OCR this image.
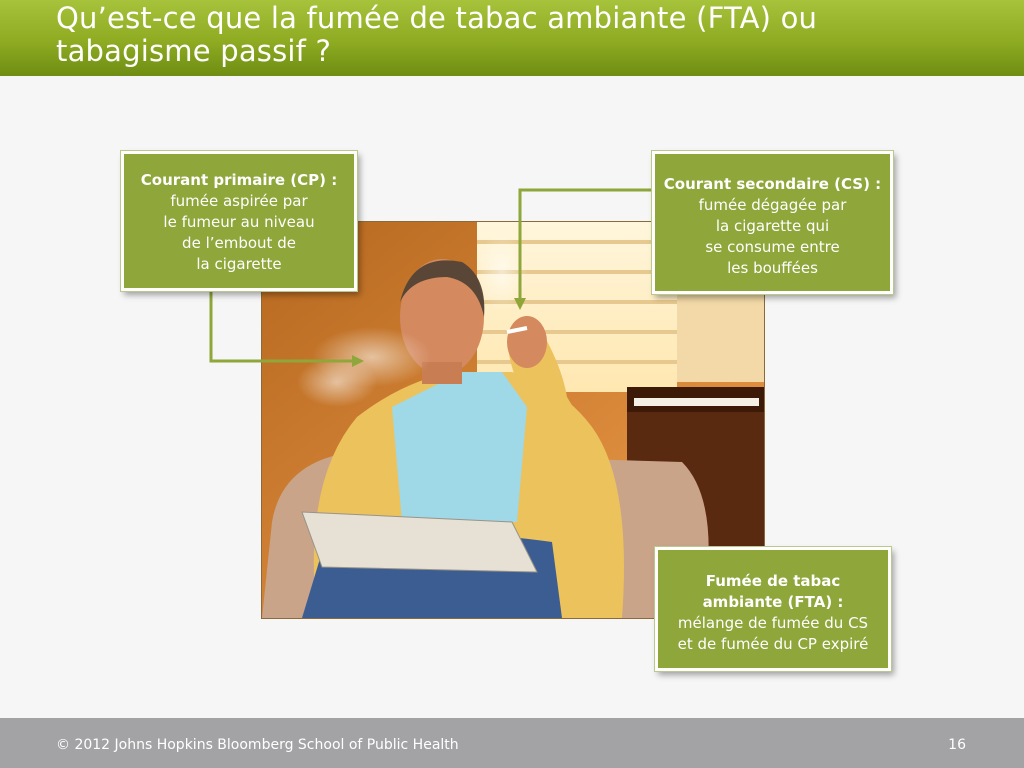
Qu’est-ce que la fumée de tabac ambiante (FTA) ou
tabagisme passif ?
Courant primaire (CP) :
fumée aspirée par
le fumeur au niveau
de l’embout de
la cigarette
Courant secondaire (CS) :
fumée dégagée par
la cigarette qui
se consume entre
les bouffées
Fumée de tabac
ambiante (FTA) :
mélange de fumée du CS
et de fumée du CP expiré
© 2012 Johns Hopkins Bloomberg School of Public Health	16
